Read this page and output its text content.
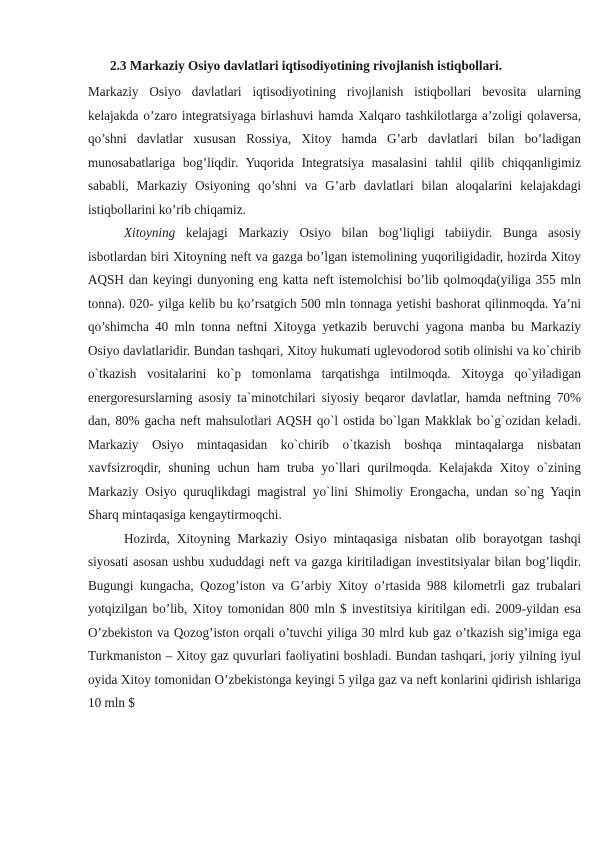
2.3 Markaziy Osiyo davlatlari iqtisodiyotining rivojlanish istiqbollari.

Markaziy Osiyo davlatlari iqtisodiyotining rivojlanish istiqbollari bevosita ularning kelajakda o’zaro integratsiyaga birlashuvi hamda Xalqaro tashkilotlarga a’zoligi qolaversa, qo’shni davlatlar xususan Rossiya, Xitoy hamda G’arb davlatlari bilan bo’ladigan munosabatlariga bog’liqdir. Yuqorida Integratsiya masalasini tahlil qilib chiqqanligimiz sababli, Markaziy Osiyoning qo’shni va G’arb davlatlari bilan aloqalarini kelajakdagi istiqbollarini ko’rib chiqamiz.

Xitoyning kelajagi Markaziy Osiyo bilan bog’liqligi tabiiydir. Bunga asosiy isbotlardan biri Xitoyning neft va gazga bo’lgan istemolining yuqoriligidadir, hozirda Xitoy AQSH dan keyingi dunyoning eng katta neft istemolchisi bo’lib qolmoqda(yiliga 355 mln tonna). 020- yilga kelib bu ko’rsatgich 500 mln tonnaga yetishi bashorat qilinmoqda. Ya’ni qo’shimcha 40 mln tonna neftni Xitoyga yetkazib beruvchi yagona manba bu Markaziy Osiyo davlatlaridir. Bundan tashqari, Xitoy hukumati uglevodorod sotib olinishi va ko`chirib o`tkazish vositalarini ko`p tomonlama tarqatishga intilmoqda. Xitoyga qo`yiladigan energoresurslarning asosiy ta`minotchilari siyosiy beqaror davlatlar, hamda neftning 70% dan, 80% gacha neft mahsulotlari AQSH qo`l ostida bo`lgan Makklak bo`g`ozidan keladi. Markaziy Osiyo mintaqasidan ko`chirib o`tkazish boshqa mintaqalarga nisbatan xavfsizroqdir, shuning uchun ham truba yo`llari qurilmoqda. Kelajakda Xitoy o`zining Markaziy Osiyo quruqlikdagi magistral yo`lini Shimoliy Erongacha, undan so`ng Yaqin Sharq mintaqasiga kengaytirmoqchi.

Hozirda, Xitoyning Markaziy Osiyo mintaqasiga nisbatan olib borayotgan tashqi siyosati asosan ushbu xududdagi neft va gazga kiritiladigan investitsiyalar bilan bog’liqdir. Bugungi kungacha, Qozog’iston va G’arbiy Xitoy o’rtasida 988 kilometrli gaz trubalari yotqizilgan bo’lib, Xitoy tomonidan 800 mln $ investitsiya kiritilgan edi. 2009-yildan esa O’zbekiston va Qozog’iston orqali o’tuvchi yiliga 30 mlrd kub gaz o’tkazish sig’imiga ega Turkmaniston – Xitoy gaz quvurlari faoliyatini boshladi. Bundan tashqari, joriy yilning iyul oyida Xitoy tomonidan O’zbekistonga keyingi 5 yilga gaz va neft konlarini qidirish ishlariga 10 mln $
